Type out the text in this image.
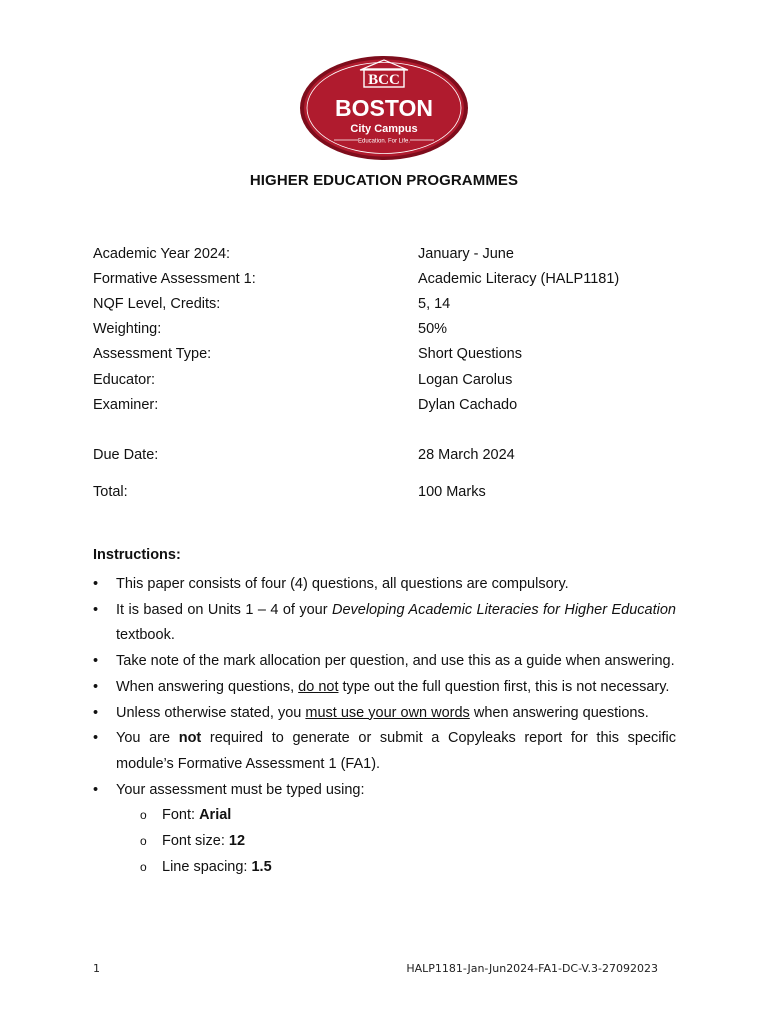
BCC
BOSTON
City Campus
Education. For Life.
HIGHER EDUCATION PROGRAMMES
Academic Year 2024:	January - June
Formative Assessment 1:	Academic Literacy (HALP1181)
NQF Level, Credits:	5, 14
Weighting:	50%
Assessment Type:	Short Questions
Educator:	Logan Carolus
Examiner:	Dylan Cachado
Due Date:	28 March 2024
Total:	100 Marks
Instructions:
• This paper consists of four (4) questions, all questions are compulsory.
• It is based on Units 1 – 4 of your Developing Academic Literacies for Higher Education textbook.
• Take note of the mark allocation per question, and use this as a guide when answering.
• When answering questions, do not type out the full question first, this is not necessary.
• Unless otherwise stated, you must use your own words when answering questions.
• You are not required to generate or submit a Copyleaks report for this specific module’s Formative Assessment 1 (FA1).
• Your assessment must be typed using:
o Font: Arial
o Font size: 12
o Line spacing: 1.5
1	HALP1181-Jan-Jun2024-FA1-DC-V.3-27092023
